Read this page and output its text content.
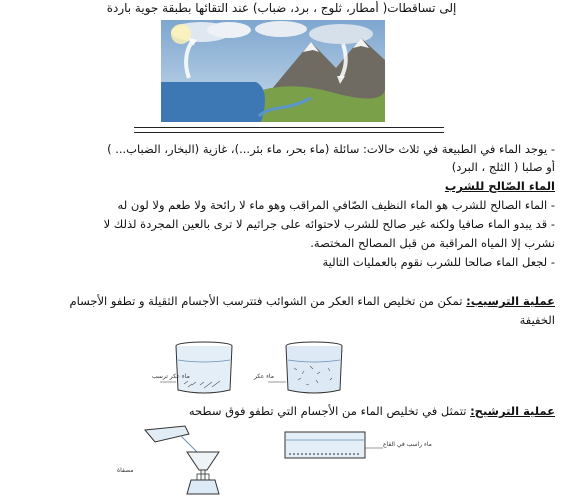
إلى تساقطات( أمطار، ثلوج ، برد، ضباب) عند التقائها بطبقة جوية باردة
- يوجد الماء في الطبيعة في ثلاث حالات: سائلة (ماء بحر، ماء بئر...)، غازية (البخار، الضباب... )
أو صلبا ( الثلج ، البرد)
الماء الصّالح للشرب
- الماء الصالح للشرب هو الماء النظيف الصّافي المراقب وهو ماء لا رائحة ولا طعم ولا لون له
- قد يبدو الماء صافيا ولكنه غير صالح للشرب لاحتوائه على جراثيم لا ترى بالعين المجردة لذلك لا
نشرب إلا المياه المراقبة من قبل المصالح المختصة.
- لجعل الماء صالحا للشرب نقوم بالعمليات التالية
عملية الترسيب: تمكن من تخليص الماء العكر من الشوائب فتترسب الأجسام الثقيلة و تطفو الأجسام
الخفيفة
ماء عكر ترسب	ماء عكر
عملية الترشيح: تتمثل في تخليص الماء من الأجسام التي تطفو فوق سطحه
مصفاة
ماء راسب في القاع
